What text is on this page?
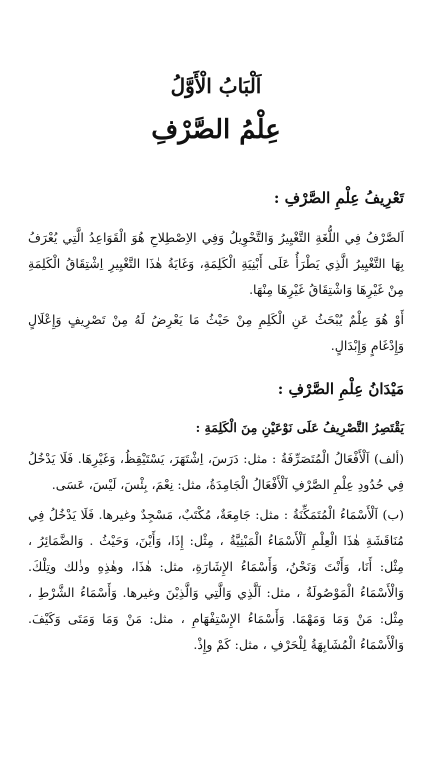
اَلْبَابُ الْأَوَّلُ
عِلْمُ الصَّرْفِ
تَعْرِيفُ عِلْمِ الصَّرْفِ :

اَلصَّرْفُ فِي اللُّغَةِ التَّغْيِيرُ وَالتَّحْوِيلُ وَفِي الاِصْطِلاحِ هُوَ الْقَوَاعِدُ الَّتِي يُعْرَفُ بِهَا التَّغْيِيرُ الَّذِي يَطْرَأُ عَلَى أَبْنِيَةِ الْكَلِمَةِ، وَغَايَةُ هٰذَا التَّغْيِيرِ اِشْتِقَاقُ الْكَلِمَةِ مِنْ غَيْرِهَا وَاشْتِقَاقُ غَيْرِهَا مِنْهَا.

أَوْ هُوَ عِلْمٌ يُبْحَثُ عَنِ الْكَلِمِ مِنْ حَيْثُ مَا يَعْرِضُ لَهُ مِنْ تَصْرِيفٍ وَإِعْلَالٍ وَإِدْغَامٍ وَإِبْدَالٍ.

مَيْدَانُ عِلْمِ الصَّرْفِ :
يَقْتَصِرُ التَّصْرِيفُ عَلَى نَوْعَيْنِ مِنَ الْكَلِمَةِ :

(ألف) اَلْأَفْعَالُ الْمُتَصَرِّفَةُ : مثل: دَرَسَ، اِشْتَهَرَ، يَسْتَيْقِظُ، وَغَيْرِهَا. فَلَا يَدْخُلُ فِي حُدُودِ عِلْمِ الصَّرْفِ اَلْأَفْعَالُ الْجَامِدَةُ، مثل: نِعْمَ، بِئْسَ، لَيْسَ، عَسَى.

(ب) اَلْأَسْمَاءُ الْمُتَمَكِّنَةُ : مثل: جَامِعَةٌ، مُكْتَبٌ، مَسْجِدٌ وغيرها. فَلَا يَدْخُلُ فِي مُنَاقَشَةِ هٰذَا الْعِلْمِ اَلْأَسْمَاءُ الْمَبْنِيَّةُ ، مِثْل: إِذَا، وَأَيْنَ، وَحَيْثُ . وَالضَّمَائِرُ ، مِثْل: أَنَا، وَأَنْتَ وَنَحْنُ، وَأَسْمَاءُ الإِشَارَةِ، مثل: هٰذَا، وهٰذِهِ وذٰلك وتِلْكَ. وَالْأَسْمَاءُ الْمَوْصُولَةُ ، مثل: اَلَّذِي وَالَّتِي وَالَّذِيْنَ وغيرها. وَأَسْمَاءُ الشَّرْطِ ، مِثْل: مَنْ وَمَا وَمَهْمَا. وَأَسْمَاءُ الإِسْتِفْهَامِ ، مثل: مَنْ وَمَا وَمَتَى وَكَيْفَ. وَالْأَسْمَاءُ الْمُشَابِهَةُ لِلْحَرْفِ ، مثل: كَمْ وإِذْ.
